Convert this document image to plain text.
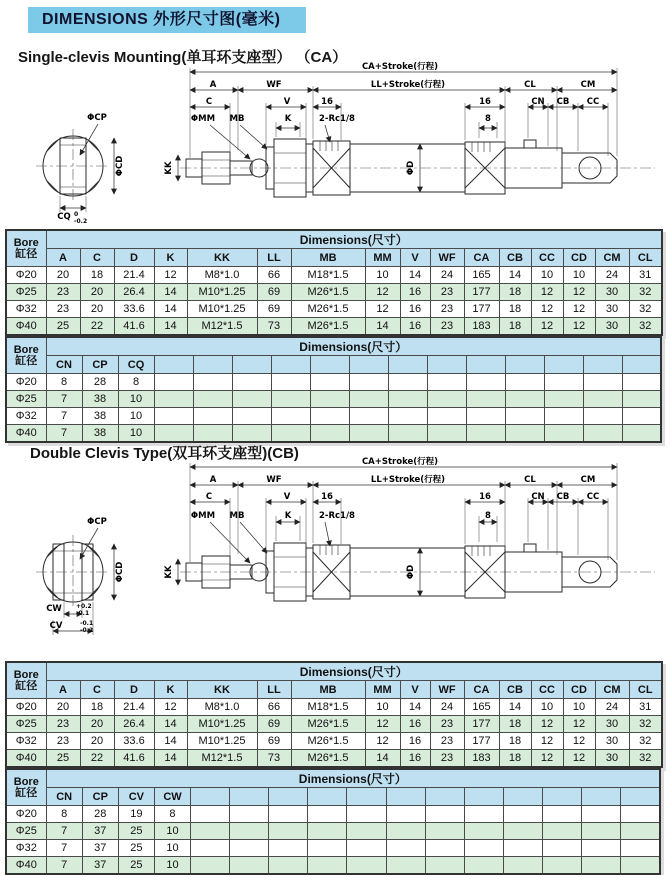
DIMENSIONS 外形尺寸图(毫米)
Single-clevis Mounting(单耳环支座型） （CA）
Double Clevis Type(双耳环支座型)(CB)
CA+Stroke(行程)
A	WF	LL+Stroke(行程)	CL	CM
C	V	16	16	CN CB CC
K	8
CQ
KK	ΦD
ΦCD
ΦMM MB	2-Rc1/8
ΦCP
0
-0.2
CA+Stroke(行程)
A	WF	LL+Stroke(行程)	CL	CM
C	V	16	16	CN CB CC
K	8
CW
CV
KK	ΦD
ΦCD
ΦMM MB	2-Rc1/8
ΦCP
+0.2
-0.1
-0.1
-0.2
Bore
缸径	Dimensions(尺寸）															
	A	C	D	K	KK	LL	MB	MM	V	WF	CA	CB	CC	CD	CM	CL
Φ20	20	18	21.4	12	M8*1.0	66	M18*1.5	10	14	24	165	14	10	10	24	31
Φ25	23	20	26.4	14	M10*1.25	69	M26*1.5	12	16	23	177	18	12	12	30	32
Φ32	23	20	33.6	14	M10*1.25	69	M26*1.5	12	16	23	177	18	12	12	30	32
Φ40	25	22	41.6	14	M12*1.5	73	M26*1.5	14	16	23	183	18	12	12	30	32
Bore
缸径	Dimensions(尺寸）															
	CN	CP	CQ													
Φ20	8	28	8													
Φ25	7	38	10													
Φ32	7	38	10													
Φ40	7	38	10													
Bore
缸径	Dimensions(尺寸）															
	A	C	D	K	KK	LL	MB	MM	V	WF	CA	CB	CC	CD	CM	CL
Φ20	20	18	21.4	12	M8*1.0	66	M18*1.5	10	14	24	165	14	10	10	24	31
Φ25	23	20	26.4	14	M10*1.25	69	M26*1.5	12	16	23	177	18	12	12	30	32
Φ32	23	20	33.6	14	M10*1.25	69	M26*1.5	12	16	23	177	18	12	12	30	32
Φ40	25	22	41.6	14	M12*1.5	73	M26*1.5	14	16	23	183	18	12	12	30	32
Bore
缸径	Dimensions(尺寸）															
	CN	CP	CV	CW												
Φ20	8	28	19	8												
Φ25	7	37	25	10												
Φ32	7	37	25	10												
Φ40	7	37	25	10												
